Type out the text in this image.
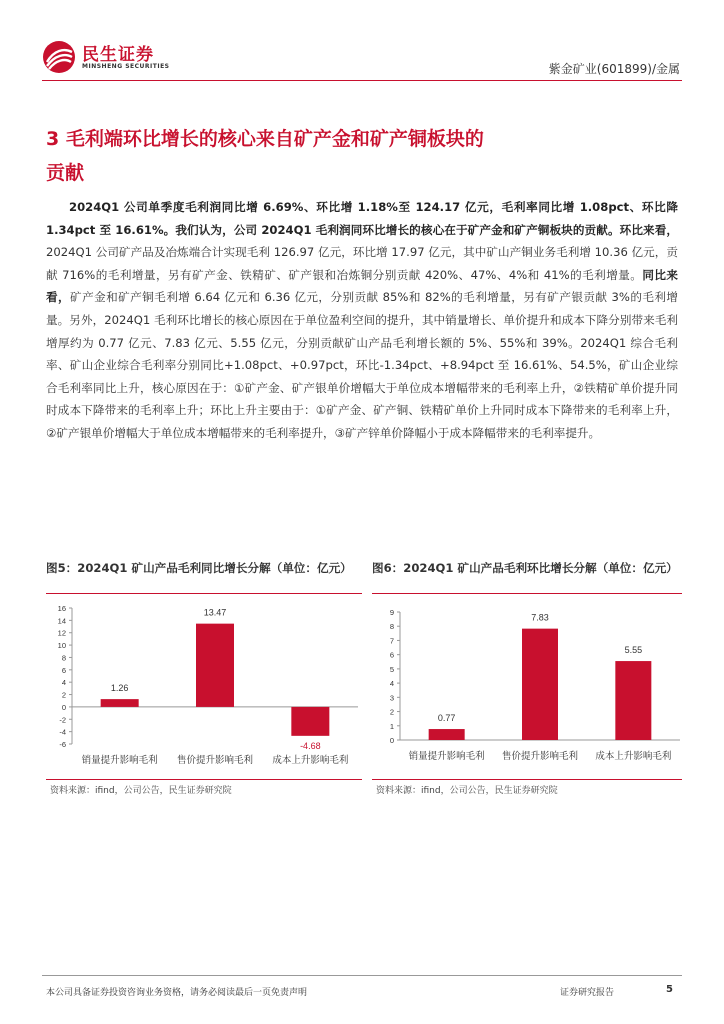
民生证券
MINSHENG SECURITIES	紫金矿业(601899)/金属
3 毛利端环比增长的核心来自矿产金和矿产铜板块的贡献
2024Q1 公司单季度毛利润同比增 6.69%、环比增 1.18%至 124.17 亿元，毛利率同比增 1.08pct、环比降 1.34pct 至 16.61%。我们认为，公司 2024Q1 毛利润同环比增长的核心在于矿产金和矿产铜板块的贡献。环比来看，2024Q1 公司矿产品及冶炼端合计实现毛利 126.97 亿元，环比增 17.97 亿元，其中矿山产铜业务毛利增 10.36 亿元，贡献 716%的毛利增量，另有矿产金、铁精矿、矿产银和冶炼铜分别贡献 420%、47%、4%和 41%的毛利增量。同比来看，矿产金和矿产铜毛利增 6.64 亿元和 6.36 亿元，分别贡献 85%和 82%的毛利增量，另有矿产银贡献 3%的毛利增量。另外，2024Q1 毛利环比增长的核心原因在于单位盈利空间的提升，其中销量增长、单价提升和成本下降分别带来毛利增厚约为 0.77 亿元、7.83 亿元、5.55 亿元，分别贡献矿山产品毛利增长额的 5%、55%和 39%。2024Q1 综合毛利率、矿山企业综合毛利率分别同比+1.08pct、+0.97pct，环比-1.34pct、+8.94pct 至 16.61%、54.5%，矿山企业综合毛利率同比上升，核心原因在于：①矿产金、矿产银单价增幅大于单位成本增幅带来的毛利率上升，②铁精矿单价提升同时成本下降带来的毛利率上升；环比上升主要由于：①矿产金、矿产铜、铁精矿单价上升同时成本下降带来的毛利率上升，②矿产银单价增幅大于单位成本增幅带来的毛利率提升，③矿产锌单价降幅小于成本降幅带来的毛利率提升。
图5：2024Q1 矿山产品毛利同比增长分解（单位：亿元）
16
14
12
10
8
6
4
2
0
-2
-4
-6
1.26
销量提升影响毛利
13.47
售价提升影响毛利
-4.68
成本上升影响毛利
资料来源：ifind，公司公告，民生证券研究院
图6：2024Q1 矿山产品毛利环比增长分解（单位：亿元）
9
8
7
6
5
4
3
2
1
0
0.77
销量提升影响毛利
7.83
售价提升影响毛利
5.55
成本上升影响毛利
资料来源：ifind，公司公告，民生证券研究院
本公司具备证券投资咨询业务资格，请务必阅读最后一页免责声明	证券研究报告	5
